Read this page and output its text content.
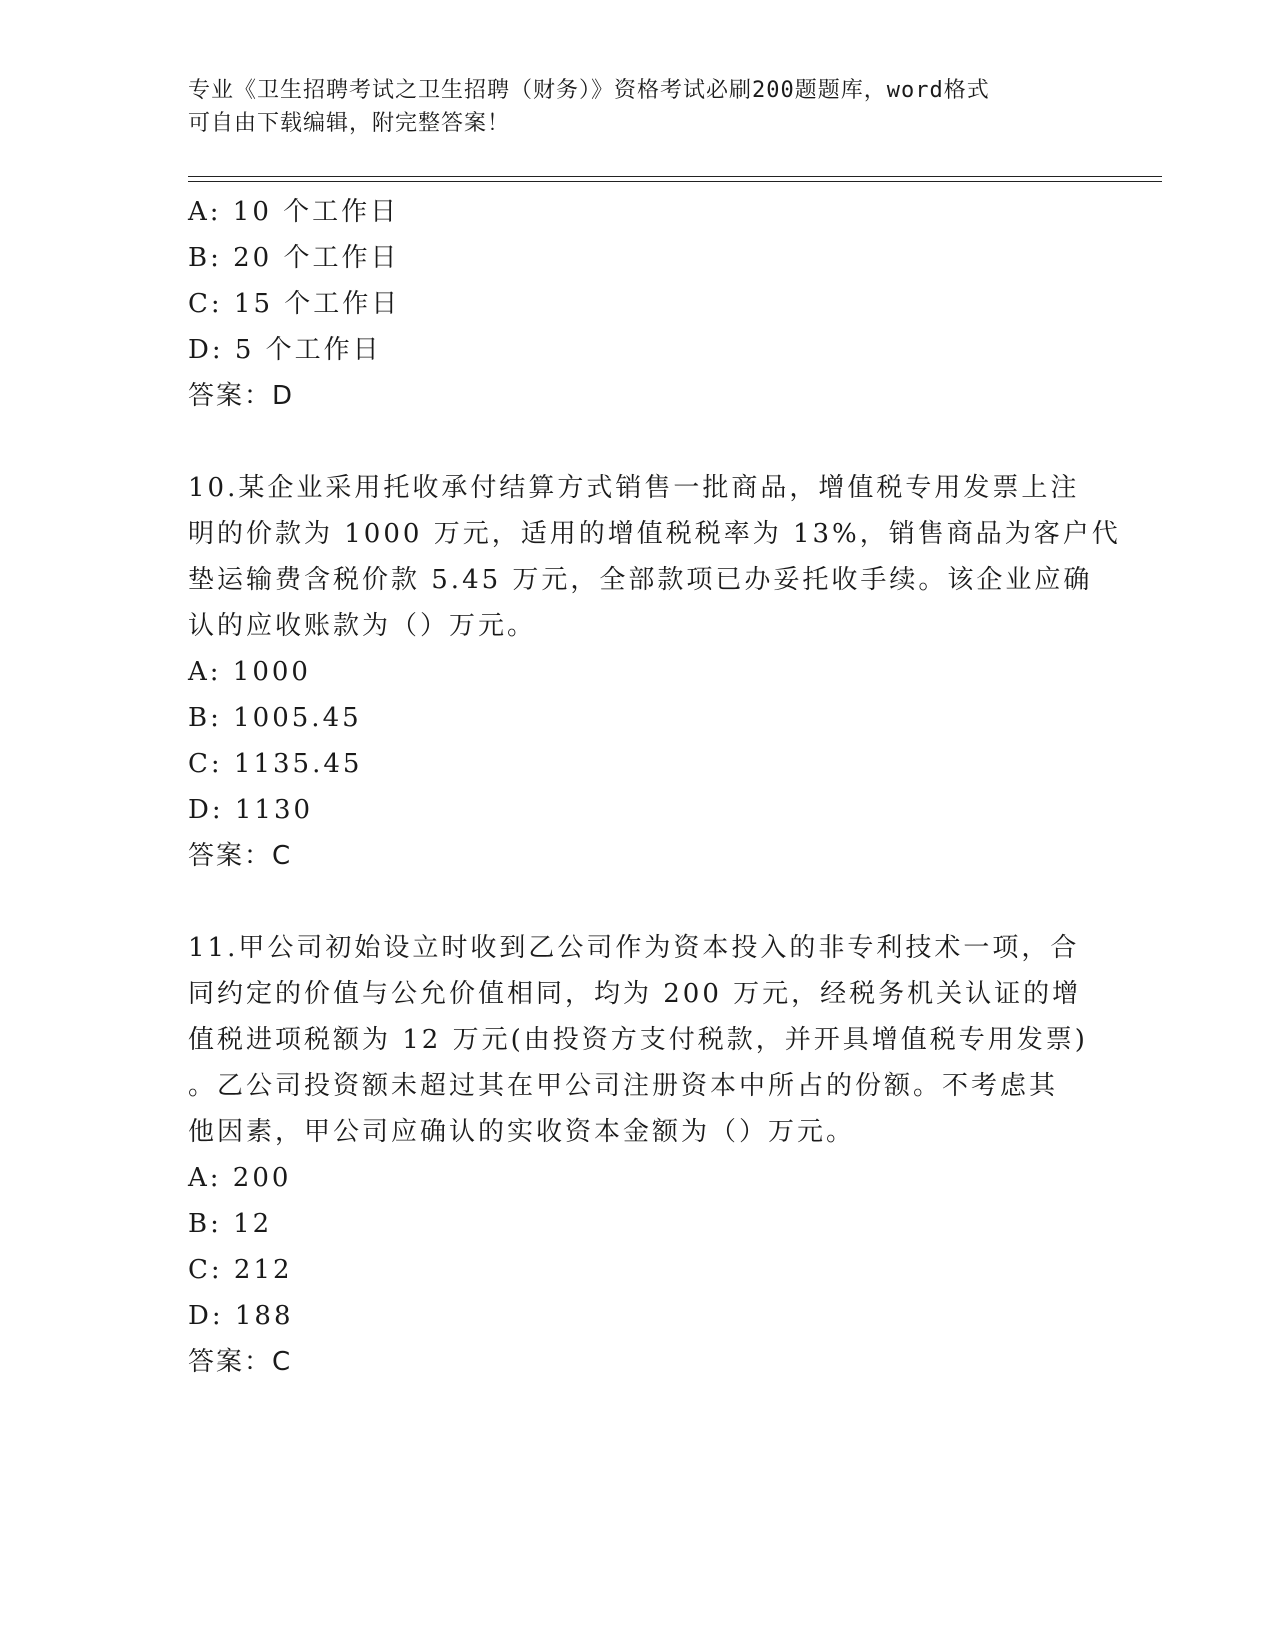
专业《卫生招聘考试之卫生招聘（财务）》资格考试必刷200题题库，word格式
可自由下载编辑，附完整答案！
A: 10 个工作日
B: 20 个工作日
C: 15 个工作日
D: 5 个工作日
答案：D
10.某企业采用托收承付结算方式销售一批商品，增值税专用发票上注
明的价款为 1000 万元，适用的增值税税率为 13%，销售商品为客户代
垫运输费含税价款 5.45 万元，全部款项已办妥托收手续。该企业应确
认的应收账款为（）万元。
A: 1000
B: 1005.45
C: 1135.45
D: 1130
答案：C
11.甲公司初始设立时收到乙公司作为资本投入的非专利技术一项，合
同约定的价值与公允价值相同，均为 200 万元，经税务机关认证的增
值税进项税额为 12 万元(由投资方支付税款，并开具增值税专用发票)
。乙公司投资额未超过其在甲公司注册资本中所占的份额。不考虑其
他因素，甲公司应确认的实收资本金额为（）万元。
A: 200
B: 12
C: 212
D: 188
答案：C
